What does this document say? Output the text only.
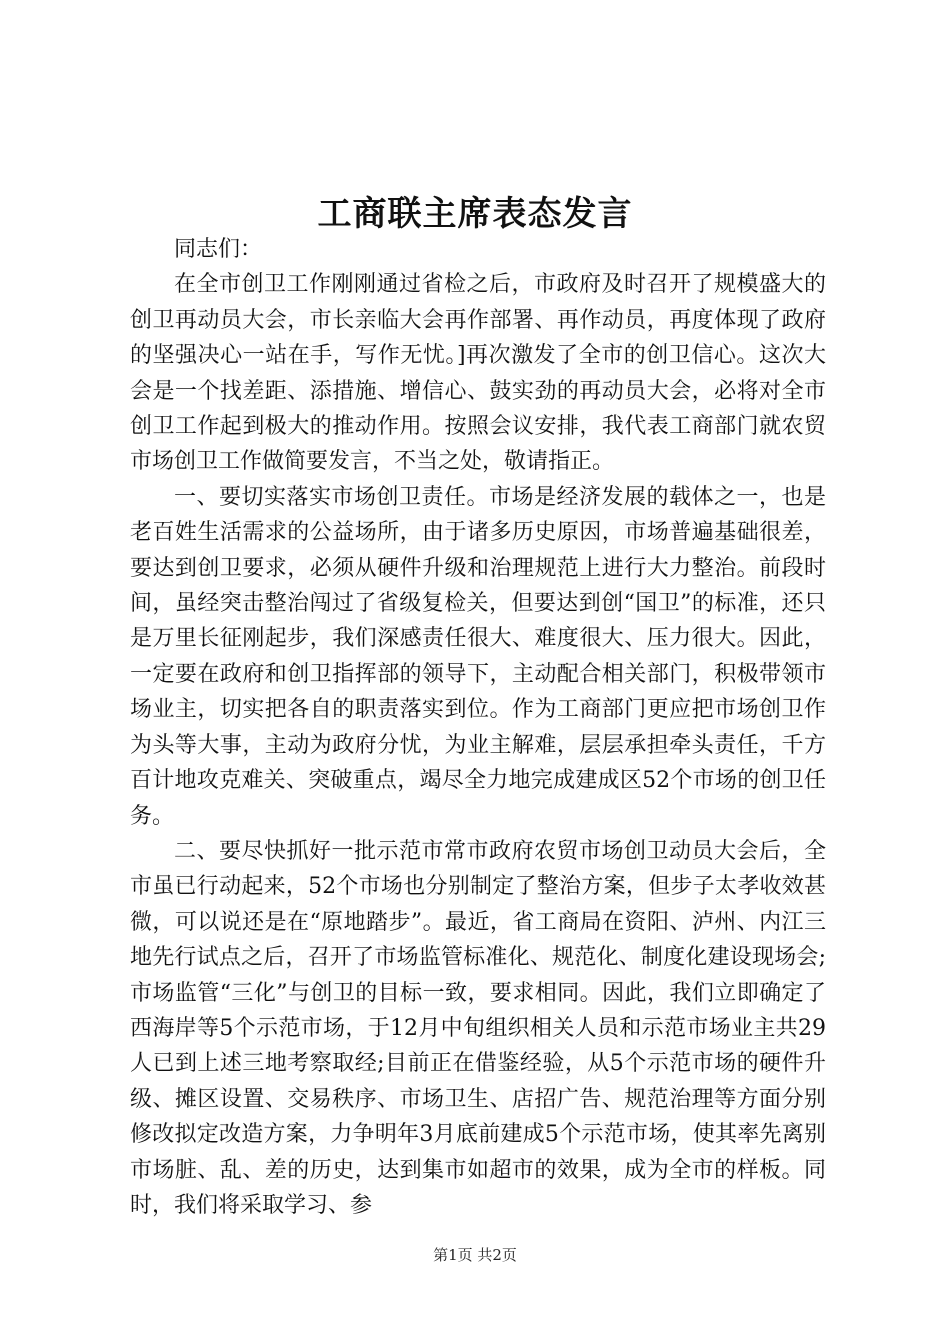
工商联主席表态发言

同志们：

在全市创卫工作刚刚通过省检之后，市政府及时召开了规模盛大的创卫再动员大会，市长亲临大会再作部署、再作动员，再度体现了政府的坚强决心一站在手，写作无忧。]再次激发了全市的创卫信心。这次大会是一个找差距、添措施、增信心、鼓实劲的再动员大会，必将对全市创卫工作起到极大的推动作用。按照会议安排，我代表工商部门就农贸市场创卫工作做简要发言，不当之处，敬请指正。

一、要切实落实市场创卫责任。市场是经济发展的载体之一，也是老百姓生活需求的公益场所，由于诸多历史原因，市场普遍基础很差，要达到创卫要求，必须从硬件升级和治理规范上进行大力整治。前段时间，虽经突击整治闯过了省级复检关，但要达到创“国卫”的标准，还只是万里长征刚起步，我们深感责任很大、难度很大、压力很大。因此，一定要在政府和创卫指挥部的领导下，主动配合相关部门，积极带领市场业主，切实把各自的职责落实到位。作为工商部门更应把市场创卫作为头等大事，主动为政府分忧，为业主解难，层层承担牵头责任，千方百计地攻克难关、突破重点，竭尽全力地完成建成区52个市场的创卫任务。

二、要尽快抓好一批示范市常市政府农贸市场创卫动员大会后，全市虽已行动起来，52个市场也分别制定了整治方案，但步子太孝收效甚微，可以说还是在“原地踏步”。最近，省工商局在资阳、泸州、内江三地先行试点之后，召开了市场监管标准化、规范化、制度化建设现场会;市场监管“三化”与创卫的目标一致，要求相同。因此，我们立即确定了西海岸等5个示范市场，于12月中旬组织相关人员和示范市场业主共29人已到上述三地考察取经;目前正在借鉴经验，从5个示范市场的硬件升级、摊区设置、交易秩序、市场卫生、店招广告、规范治理等方面分别修改拟定改造方案，力争明年3月底前建成5个示范市场，使其率先离别市场脏、乱、差的历史，达到集市如超市的效果，成为全市的样板。同时，我们将采取学习、参

第1页 共2页
